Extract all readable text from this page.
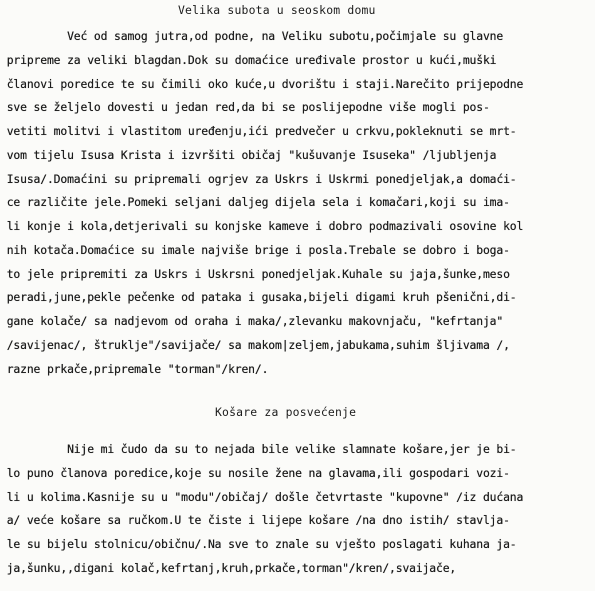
Velika subota u seoskom domu
Već od samog jutra,od podne, na Veliku subotu,počimjale su glavne
pripreme za veliki blagdan.Dok su domaćice uređivale prostor u kući,muški
članovi poredice te su čimili oko kuće,u dvorištu i staji.Narečito prijepodne
sve se željelo dovesti u jedan red,da bi se poslijepodne više mogli pos-
vetiti molitvi i vlastitom uređenju,ići predvečer u crkvu,pokleknuti se mrt-
vom tijelu Isusa Krista i izvršiti običaj "kušuvanje Isuseka" /ljubljenja
Isusa/.Domaćini su pripremali ogrjev za Uskrs i Uskrmi ponedjeljak,a domaći-
ce različite jele.Pomeki seljani daljeg dijela sela i komačari,koji su ima-
li konje i kola,detjerivali su konjske kameve i dobro podmazivali osovine kol
nih kotača.Domaćice su imale najviše brige i posla.Trebale se dobro i boga-
to jele pripremiti za Uskrs i Uskrsni ponedjeljak.Kuhale su jaja,šunke,meso
peradi,june,pekle pečenke od pataka i gusaka,bijeli digami kruh pšenični,di-
gane kolače/ sa nadjevom od oraha i maka/,zlevanku makovnjaču, "kefrtanja"
/savijenac/, štruklje"/savijače/ sa makom|zeljem,jabukama,suhim šljivama /,
razne prkače,pripremale "torman"/kren/.
Košare za posvećenje
Nije mi čudo da su to nejada bile velike slamnate košare,jer je bi-
lo puno članova poredice,koje su nosile žene na glavama,ili gospodari vozi-
li u kolima.Kasnije su u "modu"/običaj/ došle četvrtaste "kupovne" /iz dućana
a/ veće košare sa ručkom.U te čiste i lijepe košare /na dno istih/ stavlja-
le su bijelu stolnicu/običnu/.Na sve to znale su vješto poslagati kuhana ja-
ja,šunku,,digani kolač,kefrtanj,kruh,prkače,torman"/kren/,svaijače,
